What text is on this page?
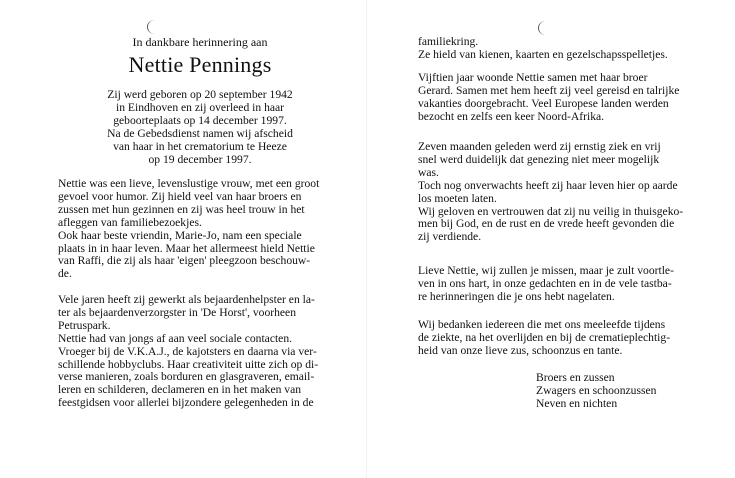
In dankbare herinnering aan
Nettie Pennings
Zij werd geboren op 20 september 1942
in Eindhoven en zij overleed in haar
geboorteplaats op 14 december 1997.
Na de Gebedsdienst namen wij afscheid
van haar in het crematorium te Heeze
op 19 december 1997.
Nettie was een lieve, levenslustige vrouw, met een groot
gevoel voor humor. Zij hield veel van haar broers en
zussen met hun gezinnen en zij was heel trouw in het
afleggen van familiebezoekjes.
Ook haar beste vriendin, Marie-Jo, nam een speciale
plaats in in haar leven. Maar het allermeest hield Nettie
van Raffi, die zij als haar 'eigen' pleegzoon beschouw-
de.
Vele jaren heeft zij gewerkt als bejaardenhelpster en la-
ter als bejaardenverzorgster in 'De Horst', voorheen
Petruspark.
Nettie had van jongs af aan veel sociale contacten.
Vroeger bij de V.K.A.J., de kajotsters en daarna via ver-
schillende hobbyclubs. Haar creativiteit uitte zich op di-
verse manieren, zoals borduren en glasgraveren, email-
leren en schilderen, declameren en in het maken van
feestgidsen voor allerlei bijzondere gelegenheden in de
familiekring.
Ze hield van kienen, kaarten en gezelschapsspelletjes.
Vijftien jaar woonde Nettie samen met haar broer
Gerard. Samen met hem heeft zij veel gereisd en talrijke
vakanties doorgebracht. Veel Europese landen werden
bezocht en zelfs een keer Noord-Afrika.
Zeven maanden geleden werd zij ernstig ziek en vrij
snel werd duidelijk dat genezing niet meer mogelijk
was.
Toch nog onverwachts heeft zij haar leven hier op aarde
los moeten laten.
Wij geloven en vertrouwen dat zij nu veilig in thuisgeko-
men bij God, en de rust en de vrede heeft gevonden die
zij verdiende.
Lieve Nettie, wij zullen je missen, maar je zult voortle-
ven in ons hart, in onze gedachten en in de vele tastba-
re herinneringen die je ons hebt nagelaten.
Wij bedanken iedereen die met ons meeleefde tijdens
de ziekte, na het overlijden en bij de crematieplechtig-
heid van onze lieve zus, schoonzus en tante.
Broers en zussen
Zwagers en schoonzussen
Neven en nichten
